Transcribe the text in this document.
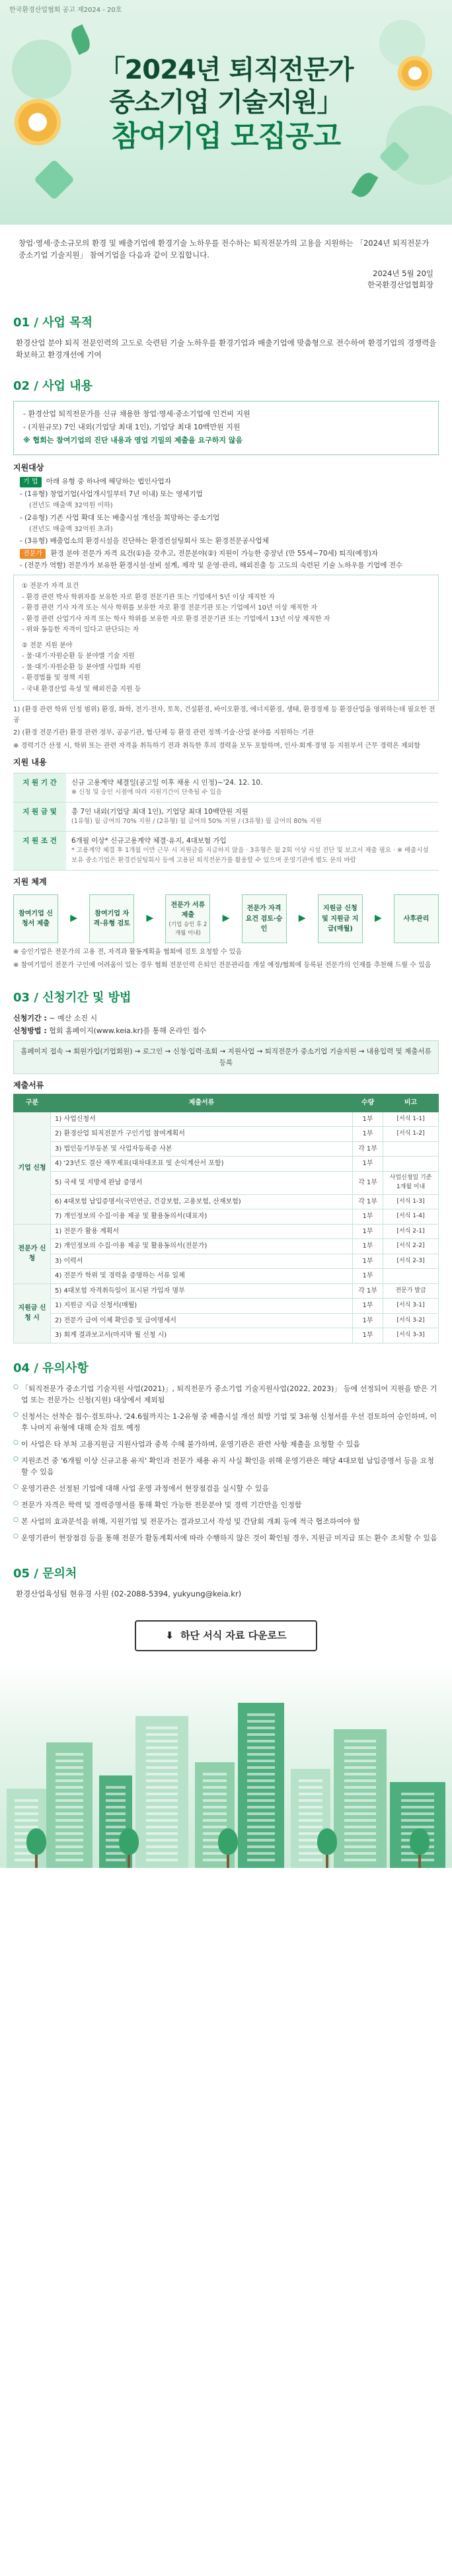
한국환경산업협회 공고 제2024 - 20호
「2024년 퇴직전문가
중소기업 기술지원」
참여기업 모집공고

창업·영세·중소규모의 환경 및 배출기업에 환경기술 노하우를 전수하는 퇴직전문가의 고용을 지원하는 「2024년 퇴직전문가 중소기업 기술지원」 참여기업을 다음과 같이 모집합니다.

2024년 5월 20일
한국환경산업협회장
01 / 사업 목적
환경산업 분야 퇴직 전문인력의 고도로 숙련된 기술 노하우를 환경기업과 배출기업에 맞춤형으로 전수하여 환경기업의 경쟁력을 확보하고 환경개선에 기여
02 / 사업 내용
- 환경산업 퇴직전문가를 신규 채용한 창업·영세·중소기업에 인건비 지원
- (지원규모) 7인 내외(기업당 최대 1인), 기업당 최대 10백만원 지원
※ 협회는 참여기업의 진단 내용과 영업 기밀의 제출을 요구하지 않음
지원대상
기 업 아래 유형 중 하나에 해당하는 법인사업자
- (1유형) 창업기업(사업개시일부터 7년 이내) 또는 영세기업
(전년도 매출액 32억원 이하)
- (2유형) 기존 사업 확대 또는 배출시설 개선을 희망하는 중소기업
(전년도 매출액 32억원 초과)
- (3유형) 배출업소의 환경시설을 진단하는 환경컨설팅회사 또는 환경전문공사업체
전문가 환경 분야 전문가 자격 요건(①)을 갖추고, 전문분야(②) 지원이 가능한 중장년 (만 55세~70세) 퇴직(예정)자
- (전문가 역할) 전문가가 보유한 환경시설·설비 설계, 제작 및 운영·관리, 해외진출 등 고도의 숙련된 기술 노하우를 기업에 전수
① 전문가 자격 요건
- 환경 관련 박사 학위자를 보유한 자로 환경 전문기관 또는 기업에서 5년 이상 재직한 자
- 환경 관련 기사 자격 또는 석사 학위를 보유한 자로 환경 전문기관 또는 기업에서 10년 이상 재직한 자
- 환경 관련 산업기사 자격 또는 학사 학위를 보유한 자로 환경 전문기관 또는 기업에서 13년 이상 재직한 자
- 위와 동등한 자격이 있다고 판단되는 자
② 전문 지원 분야
- 물·대기·자원순환 등 분야별 기술 지원
- 물·대기·자원순환 등 분야별 사업화 지원
- 환경법률 및 정책 지원
- 국내 환경산업 육성 및 해외진출 지원 등
1) (환경 관련 학위 인정 범위) 환경, 화학, 전기·전자, 토목, 건설환경, 바이오환경, 에너지환경, 생태, 환경경제 등 환경산업을 영위하는데 필요한 전공
2) (환경 전문기관) 환경 관련 정부, 공공기관, 협·단체 등 환경 관련 정책·기술·산업 분야를 지원하는 기관
※ 경력기간 산정 시, 학위 또는 관련 자격을 취득하기 전과 취득한 후의 경력을 모두 포함하며, 인사·회계·경영 등 지원부서 근무 경력은 제외함
지원 내용
지 원 기 간	신규 고용계약 체결일(공고일 이후 채용 시 인정)~'24. 12. 10.
※ 신청 및 승인 시점에 따라 지원기간이 단축될 수 있음

지 원 금 및	총 7인 내외(기업당 최대 1인), 기업당 최대 10백만원 지원
(1유형) 월 급여의 70% 지원 / (2유형) 월 급여의 50% 지원 / (3유형) 월 급여의 80% 지원

지 원 조 건	6개월 이상* 신규고용계약 체결·유지, 4대보험 가입
* 고용계약 체결 후 1개월 이만 근무 시 지원금을 지급하지 않음 · 3유형은 월 2회 이상 시설 진단 및 보고서 제출 필요 · ※ 배출시설 보유 중소기업은 환경컨설팅회사 등에 고용된 퇴직전문가를 활용할 수 있으며 운영기관에 별도 문의 바람
지원 체계
참여기업 신청서 제출
▶	참여기업 자격·유형 검토
▶
전문가 서류 제출
(기업 승인 후 2개월 이내)
▶
전문가 자격 요건 검토·승인
▶
지원금 신청 및 지원금 지급(매월)
▶	사후관리
※ 승인기업은 전문가의 고용 전, 자격과 활동계획을 협회에 검토 요청할 수 있음
※ 참여기업이 전문가 구인에 어려움이 있는 경우 협회 전문인력 은퇴인 전문관리를 개설 예정/협회에 등록된 전문가의 인재를 추천해 드릴 수 있음
03 / 신청기간 및 방법
신청기간 : ~ 예산 소진 시
신청방법 : 협회 홈페이지(www.keia.kr)를 통해 온라인 접수
홈페이지 접속 → 회원가입(기업회원) → 로그인 → 신청·입력·조회 → 지원사업 → 퇴직전문가 중소기업 기술지원 → 내용입력 및 제출서류 등록
제출서류
구분	제출서류	수량	비고
기업 신청	1) 사업신청서	1부	[서식 1-1]
	2) 환경산업 퇴직전문가 구인기업 참여계획서	1부	[서식 1-2]
	3) 법인등기부등본 및 사업자등록증 사본	각 1부	
	4) '23년도 결산 재무제표(대차대조표 및 손익계산서 포함)	1부	
	5) 국세 및 지방세 완납 증명서	각 1부	사업신청일 기준 1개월 이내
	6) 4대보험 납입증명서(국민연금, 건강보험, 고용보험, 산재보험)	각 1부	[서식 1-3]
	7) 개인정보의 수집·이용 제공 및 활용동의서(대표자)	1부	[서식 1-4]
전문가 신청	1) 전문가 활용 계획서	1부	[서식 2-1]
	2) 개인정보의 수집·이용 제공 및 활용동의서(전문가)	1부	[서식 2-2]
	3) 이력서	1부	[서식 2-3]
	4) 전문가 학위 및 경력을 증명하는 서류 일체	1부	
지원금 신청 시	5) 4대보험 자격취득일이 표시된 가입자 명부	각 1부	전문가 발급
	1) 지원금 지급 신청서(매월)	1부	[서식 3-1]
	2) 전문가 급여 이체 확인증 및 급여명세서	1부	[서식 3-2]
	3) 회계 결과보고서(마지막 월 신청 시)	1부	[서식 3-3]
04 / 유의사항
○ 「퇴직전문가 중소기업 기술지원 사업(2021)」, 퇴직전문가 중소기업 기술지원사업(2022, 2023)」 등에 선정되어 지원을 받은 기업 또는 전문가는 신청(지원) 대상에서 제외됨
○ 신청서는 선착순 접수·검토하나, '24.6월까지는 1-2유형 중 배출시설 개선 희망 기업 및 3유형 신청서를 우선 검토하여 승인하며, 이후 나머지 유형에 대해 순차 검토 예정
○ 이 사업은 타 부처 고용지원금 지원사업과 중복 수혜 불가하며, 운영기관은 관련 사항 제출을 요청할 수 있음
○ 지원조건 중 '6개월 이상 신규고용 유지' 확인과 전문가 채용 유지 사실 확인을 위해 운영기관은 해당 4대보험 납입증명서 등을 요청할 수 있음
○ 운영기관은 선정된 기업에 대해 사업 운영 과정에서 현장점검을 실시할 수 있음
○ 전문가 자격은 학력 및 경력증명서를 통해 확인 가능한 전문분야 및 경력 기간만을 인정함
○ 본 사업의 효과분석을 위해, 지원기업 및 전문가는 결과보고서 작성 및 간담회 개최 등에 적극 협조하여야 함
○ 운영기관이 현장점검 등을 통해 전문가 활동계획서에 따라 수행하지 않은 것이 확인될 경우, 지원금 미지급 또는 환수 조치할 수 있음
05 / 문의처
환경산업육성팀 현유경 사원 (02-2088-5394, yukyung@keia.kr)
⬇ 하단 서식 자료 다운로드
